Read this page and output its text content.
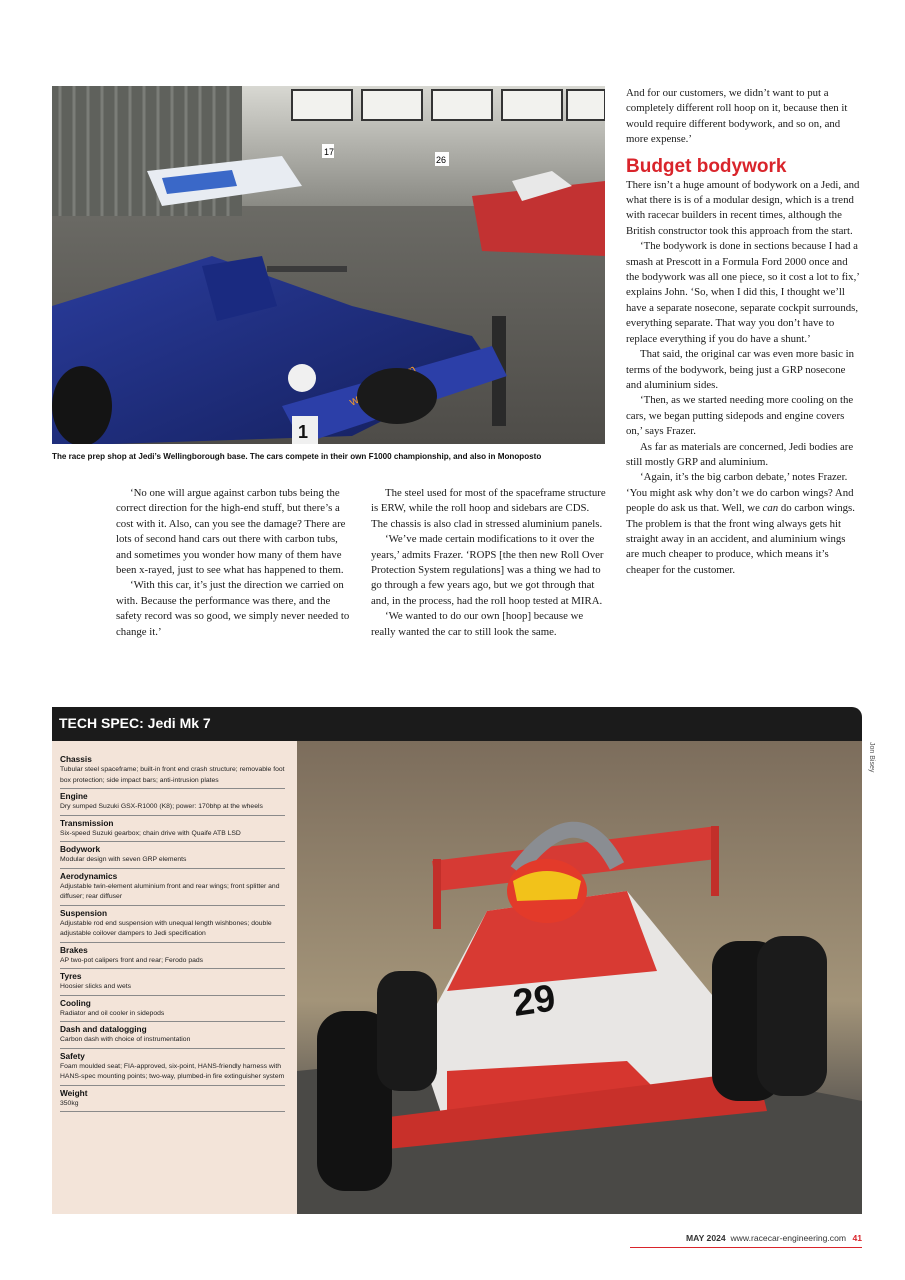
17
26
1
The race prep shop at Jedi’s Wellingborough base. The cars compete in their own F1000 championship, and also in Monoposto

‘No one will argue against carbon tubs being the correct direction for the high-end stuff, but there’s a cost with it. Also, can you see the damage? There are lots of second hand cars out there with carbon tubs, and sometimes you wonder how many of them have been x-rayed, just to see what has happened to them.

‘With this car, it’s just the direction we carried on with. Because the performance was there, and the safety record was so good, we simply never needed to change it.’

The steel used for most of the spaceframe structure is ERW, while the roll hoop and sidebars are CDS. The chassis is also clad in stressed aluminium panels.

‘We’ve made certain modifications to it over the years,’ admits Frazer. ‘ROPS [the then new Roll Over Protection System regulations] was a thing we had to go through a few years ago, but we got through that and, in the process, had the roll hoop tested at MIRA.

‘We wanted to do our own [hoop] because we really wanted the car to still look the same.

And for our customers, we didn’t want to put a completely different roll hoop on it, because then it would require different bodywork, and so on, and more expense.’

Budget bodywork

There isn’t a huge amount of bodywork on a Jedi, and what there is is of a modular design, which is a trend with racecar builders in recent times, although the British constructor took this approach from the start.

‘The bodywork is done in sections because I had a smash at Prescott in a Formula Ford 2000 once and the bodywork was all one piece, so it cost a lot to fix,’ explains John. ‘So, when I did this, I thought we’ll have a separate nosecone, separate cockpit surrounds, everything separate. That way you don’t have to replace everything if you do have a shunt.’

That said, the original car was even more basic in terms of the bodywork, being just a GRP nosecone and aluminium sides.

‘Then, as we started needing more cooling on the cars, we began putting sidepods and engine covers on,’ says Frazer.

As far as materials are concerned, Jedi bodies are still mostly GRP and aluminium.

‘Again, it’s the big carbon debate,’ notes Frazer. ‘You might ask why don’t we do carbon wings? And people do ask us that. Well, we can do carbon wings. The problem is that the front wing always gets hit straight away in an accident, and aluminium wings are much cheaper to produce, which means it’s cheaper for the customer.

TECH SPEC: Jedi Mk 7
Chassis
Tubular steel spaceframe; built-in front end crash structure; removable foot box protection; side impact bars; anti-intrusion plates
Engine
Dry sumped Suzuki GSX-R1000 (K8); power: 170bhp at the wheels
Transmission
Six-speed Suzuki gearbox; chain drive with Quaife ATB LSD
Bodywork
Modular design with seven GRP elements
Aerodynamics
Adjustable twin-element aluminium front and rear wings; front splitter and diffuser; rear diffuser
Suspension
Adjustable rod end suspension with unequal length wishbones; double adjustable coilover dampers to Jedi specification
Brakes
AP two-pot calipers front and rear; Ferodo pads
Tyres
Hoosier slicks and wets
Cooling
Radiator and oil cooler in sidepods
Dash and datalogging
Carbon dash with choice of instrumentation
Safety
Foam moulded seat; FIA-approved, six-point, HANS-friendly harness with HANS-spec mounting points; two-way, plumbed-in fire extinguisher system
Weight
350kg
29
Jon Bisey
MAY 2024 www.racecar-engineering.com 41
